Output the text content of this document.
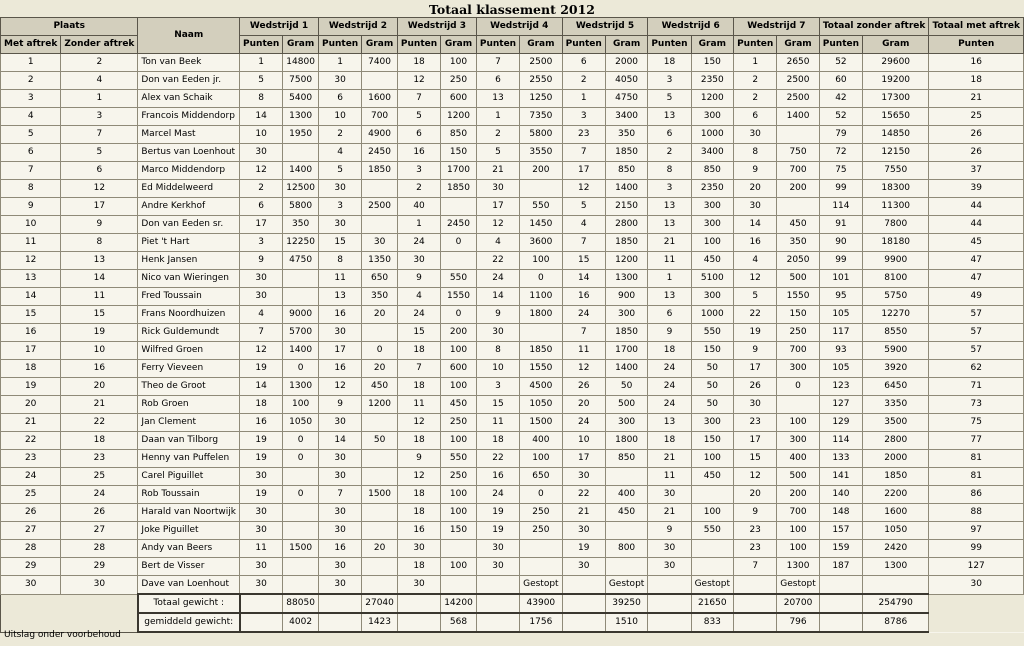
Totaal klassement 2012
Plaats		Naam	Wedstrijd 1		Wedstrijd 2		Wedstrijd 3		Wedstrijd 4		Wedstrijd 5		Wedstrijd 6		Wedstrijd 7		Totaal zonder aftrek		Totaal met aftrek
Met aftrek	Zonder aftrek		Punten	Gram	Punten	Gram	Punten	Gram	Punten	Gram	Punten	Gram	Punten	Gram	Punten	Gram	Punten	Gram	Punten
1	2	Ton van Beek	1	14800	1	7400	18	100	7	2500	6	2000	18	150	1	2650	52	29600	16
2	4	Don van Eeden jr.	5	7500	30		12	250	6	2550	2	4050	3	2350	2	2500	60	19200	18
3	1	Alex van Schaik	8	5400	6	1600	7	600	13	1250	1	4750	5	1200	2	2500	42	17300	21
4	3	Francois Middendorp	14	1300	10	700	5	1200	1	7350	3	3400	13	300	6	1400	52	15650	25
5	7	Marcel Mast	10	1950	2	4900	6	850	2	5800	23	350	6	1000	30		79	14850	26
6	5	Bertus van Loenhout	30		4	2450	16	150	5	3550	7	1850	2	3400	8	750	72	12150	26
7	6	Marco Middendorp	12	1400	5	1850	3	1700	21	200	17	850	8	850	9	700	75	7550	37
8	12	Ed Middelweerd	2	12500	30		2	1850	30		12	1400	3	2350	20	200	99	18300	39
9	17	Andre Kerkhof	6	5800	3	2500	40		17	550	5	2150	13	300	30		114	11300	44
10	9	Don van Eeden sr.	17	350	30		1	2450	12	1450	4	2800	13	300	14	450	91	7800	44
11	8	Piet 't Hart	3	12250	15	30	24	0	4	3600	7	1850	21	100	16	350	90	18180	45
12	13	Henk Jansen	9	4750	8	1350	30		22	100	15	1200	11	450	4	2050	99	9900	47
13	14	Nico van Wieringen	30		11	650	9	550	24	0	14	1300	1	5100	12	500	101	8100	47
14	11	Fred Toussain	30		13	350	4	1550	14	1100	16	900	13	300	5	1550	95	5750	49
15	15	Frans Noordhuizen	4	9000	16	20	24	0	9	1800	24	300	6	1000	22	150	105	12270	57
16	19	Rick Guldemundt	7	5700	30		15	200	30		7	1850	9	550	19	250	117	8550	57
17	10	Wilfred Groen	12	1400	17	0	18	100	8	1850	11	1700	18	150	9	700	93	5900	57
18	16	Ferry Vieveen	19	0	16	20	7	600	10	1550	12	1400	24	50	17	300	105	3920	62
19	20	Theo de Groot	14	1300	12	450	18	100	3	4500	26	50	24	50	26	0	123	6450	71
20	21	Rob Groen	18	100	9	1200	11	450	15	1050	20	500	24	50	30		127	3350	73
21	22	Jan Clement	16	1050	30		12	250	11	1500	24	300	13	300	23	100	129	3500	75
22	18	Daan van Tilborg	19	0	14	50	18	100	18	400	10	1800	18	150	17	300	114	2800	77
23	23	Henny van Puffelen	19	0	30		9	550	22	100	17	850	21	100	15	400	133	2000	81
24	25	Carel Piguillet	30		30		12	250	16	650	30		11	450	12	500	141	1850	81
25	24	Rob Toussain	19	0	7	1500	18	100	24	0	22	400	30		20	200	140	2200	86
26	26	Harald van Noortwijk	30		30		18	100	19	250	21	450	21	100	9	700	148	1600	88
27	27	Joke Piguillet	30		30		16	150	19	250	30		9	550	23	100	157	1050	97
28	28	Andy van Beers	11	1500	16	20	30		30		19	800	30		23	100	159	2420	99
29	29	Bert de Visser	30		30		18	100	30		30		30		7	1300	187	1300	127
30	30	Dave van Loenhout	30		30		30			Gestopt		Gestopt		Gestopt		Gestopt			30
		Totaal gewicht :		88050		27040		14200		43900		39250		21650		20700		254790	
		gemiddeld gewicht:		4002		1423		568		1756		1510		833		796		8786	
Uitslag onder voorbehoud
